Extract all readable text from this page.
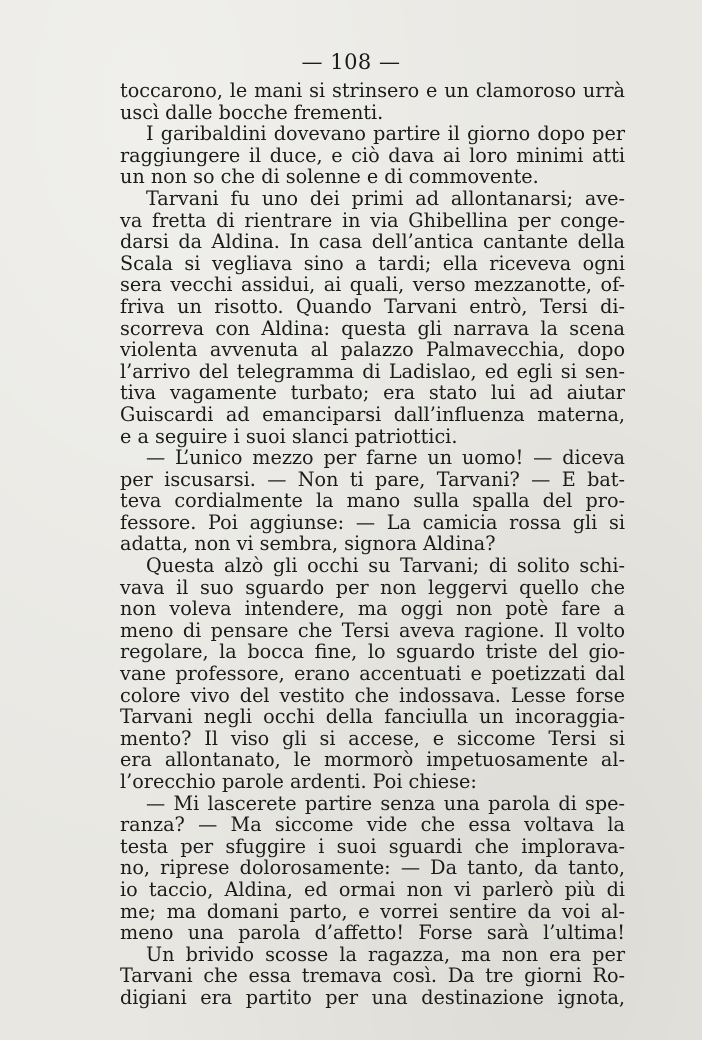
— 108 —
toccarono, le mani si strinsero e un clamoroso urrà
uscì dalle bocche frementi.
I garibaldini dovevano partire il giorno dopo per
raggiungere il duce, e ciò dava ai loro minimi atti
un non so che di solenne e di commovente.
Tarvani fu uno dei primi ad allontanarsi; ave-
va fretta di rientrare in via Ghibellina per conge-
darsi da Aldina. In casa dell’antica cantante della
Scala si vegliava sino a tardi; ella riceveva ogni
sera vecchi assidui, ai quali, verso mezzanotte, of-
friva un risotto. Quando Tarvani entrò, Tersi di-
scorreva con Aldina: questa gli narrava la scena
violenta avvenuta al palazzo Palmavecchia, dopo
l’arrivo del telegramma di Ladislao, ed egli si sen-
tiva vagamente turbato; era stato lui ad aiutar
Guiscardi ad emanciparsi dall’influenza materna,
e a seguire i suoi slanci patriottici.
— L’unico mezzo per farne un uomo! — diceva
per iscusarsi. — Non ti pare, Tarvani? — E bat-
teva cordialmente la mano sulla spalla del pro-
fessore. Poi aggiunse: — La camicia rossa gli si
adatta, non vi sembra, signora Aldina?
Questa alzò gli occhi su Tarvani; di solito schi-
vava il suo sguardo per non leggervi quello che
non voleva intendere, ma oggi non potè fare a
meno di pensare che Tersi aveva ragione. Il volto
regolare, la bocca fine, lo sguardo triste del gio-
vane professore, erano accentuati e poetizzati dal
colore vivo del vestito che indossava. Lesse forse
Tarvani negli occhi della fanciulla un incoraggia-
mento? Il viso gli si accese, e siccome Tersi si
era allontanato, le mormorò impetuosamente al-
l’orecchio parole ardenti. Poi chiese:
— Mi lascerete partire senza una parola di spe-
ranza? — Ma siccome vide che essa voltava la
testa per sfuggire i suoi sguardi che implorava-
no, riprese dolorosamente: — Da tanto, da tanto,
io taccio, Aldina, ed ormai non vi parlerò più di
me; ma domani parto, e vorrei sentire da voi al-
meno una parola d’affetto! Forse sarà l’ultima!
Un brivido scosse la ragazza, ma non era per
Tarvani che essa tremava così. Da tre giorni Ro-
digiani era partito per una destinazione ignota,
